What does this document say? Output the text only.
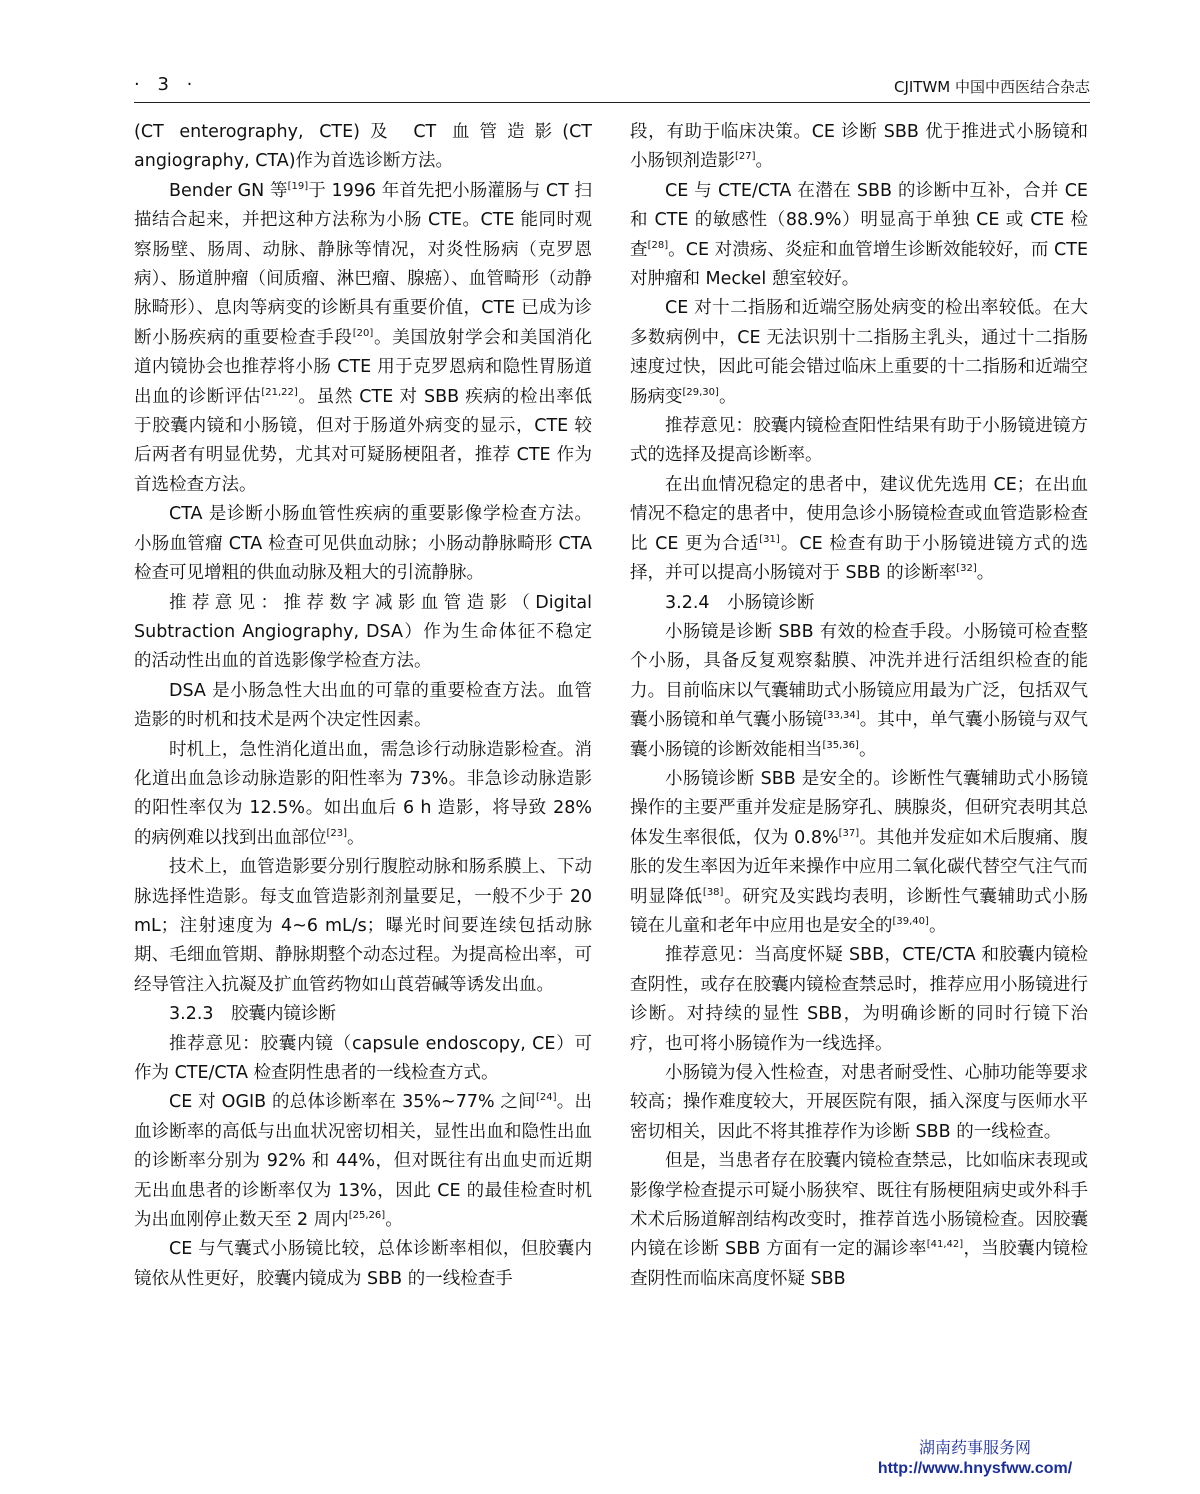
· 3 ·	CJITWM 中国中西医结合杂志

(CT enterography, CTE)及 CT 血管造影(CT angiography, CTA)作为首选诊断方法。

Bender GN 等[19]于 1996 年首先把小肠灌肠与 CT 扫描结合起来，并把这种方法称为小肠 CTE。CTE 能同时观察肠壁、肠周、动脉、静脉等情况，对炎性肠病（克罗恩病）、肠道肿瘤（间质瘤、淋巴瘤、腺癌）、血管畸形（动静脉畸形）、息肉等病变的诊断具有重要价值，CTE 已成为诊断小肠疾病的重要检查手段[20]。美国放射学会和美国消化道内镜协会也推荐将小肠 CTE 用于克罗恩病和隐性胃肠道出血的诊断评估[21,22]。虽然 CTE 对 SBB 疾病的检出率低于胶囊内镜和小肠镜，但对于肠道外病变的显示，CTE 较后两者有明显优势，尤其对可疑肠梗阻者，推荐 CTE 作为首选检查方法。

CTA 是诊断小肠血管性疾病的重要影像学检查方法。小肠血管瘤 CTA 检查可见供血动脉；小肠动静脉畸形 CTA 检查可见增粗的供血动脉及粗大的引流静脉。

推荐意见：推荐数字减影血管造影（Digital Subtraction Angiography, DSA）作为生命体征不稳定的活动性出血的首选影像学检查方法。

DSA 是小肠急性大出血的可靠的重要检查方法。血管造影的时机和技术是两个决定性因素。

时机上，急性消化道出血，需急诊行动脉造影检查。消化道出血急诊动脉造影的阳性率为 73%。非急诊动脉造影的阳性率仅为 12.5%。如出血后 6 h 造影，将导致 28% 的病例难以找到出血部位[23]。

技术上，血管造影要分别行腹腔动脉和肠系膜上、下动脉选择性造影。每支血管造影剂剂量要足，一般不少于 20 mL；注射速度为 4~6 mL/s；曝光时间要连续包括动脉期、毛细血管期、静脉期整个动态过程。为提高检出率，可经导管注入抗凝及扩血管药物如山莨菪碱等诱发出血。

3.2.3　胶囊内镜诊断

推荐意见：胶囊内镜（capsule endoscopy, CE）可作为 CTE/CTA 检查阴性患者的一线检查方式。

CE 对 OGIB 的总体诊断率在 35%~77% 之间[24]。出血诊断率的高低与出血状况密切相关，显性出血和隐性出血的诊断率分别为 92% 和 44%，但对既往有出血史而近期无出血患者的诊断率仅为 13%，因此 CE 的最佳检查时机为出血刚停止数天至 2 周内[25,26]。

CE 与气囊式小肠镜比较，总体诊断率相似，但胶囊内镜依从性更好，胶囊内镜成为 SBB 的一线检查手

段，有助于临床决策。CE 诊断 SBB 优于推进式小肠镜和小肠钡剂造影[27]。

CE 与 CTE/CTA 在潜在 SBB 的诊断中互补，合并 CE 和 CTE 的敏感性（88.9%）明显高于单独 CE 或 CTE 检查[28]。CE 对溃疡、炎症和血管增生诊断效能较好，而 CTE 对肿瘤和 Meckel 憩室较好。

CE 对十二指肠和近端空肠处病变的检出率较低。在大多数病例中，CE 无法识别十二指肠主乳头，通过十二指肠速度过快，因此可能会错过临床上重要的十二指肠和近端空肠病变[29,30]。

推荐意见：胶囊内镜检查阳性结果有助于小肠镜进镜方式的选择及提高诊断率。

在出血情况稳定的患者中，建议优先选用 CE；在出血情况不稳定的患者中，使用急诊小肠镜检查或血管造影检查比 CE 更为合适[31]。CE 检查有助于小肠镜进镜方式的选择，并可以提高小肠镜对于 SBB 的诊断率[32]。

3.2.4　小肠镜诊断

小肠镜是诊断 SBB 有效的检查手段。小肠镜可检查整个小肠，具备反复观察黏膜、冲洗并进行活组织检查的能力。目前临床以气囊辅助式小肠镜应用最为广泛，包括双气囊小肠镜和单气囊小肠镜[33,34]。其中，单气囊小肠镜与双气囊小肠镜的诊断效能相当[35,36]。

小肠镜诊断 SBB 是安全的。诊断性气囊辅助式小肠镜操作的主要严重并发症是肠穿孔、胰腺炎，但研究表明其总体发生率很低，仅为 0.8%[37]。其他并发症如术后腹痛、腹胀的发生率因为近年来操作中应用二氧化碳代替空气注气而明显降低[38]。研究及实践均表明，诊断性气囊辅助式小肠镜在儿童和老年中应用也是安全的[39,40]。

推荐意见：当高度怀疑 SBB，CTE/CTA 和胶囊内镜检查阴性，或存在胶囊内镜检查禁忌时，推荐应用小肠镜进行诊断。对持续的显性 SBB，为明确诊断的同时行镜下治疗，也可将小肠镜作为一线选择。

小肠镜为侵入性检查，对患者耐受性、心肺功能等要求较高；操作难度较大，开展医院有限，插入深度与医师水平密切相关，因此不将其推荐作为诊断 SBB 的一线检查。

但是，当患者存在胶囊内镜检查禁忌，比如临床表现或影像学检查提示可疑小肠狭窄、既往有肠梗阻病史或外科手术术后肠道解剖结构改变时，推荐首选小肠镜检查。因胶囊内镜在诊断 SBB 方面有一定的漏诊率[41,42]，当胶囊内镜检查阴性而临床高度怀疑 SBB

湖南药事服务网
http://www.hnysfww.com/
